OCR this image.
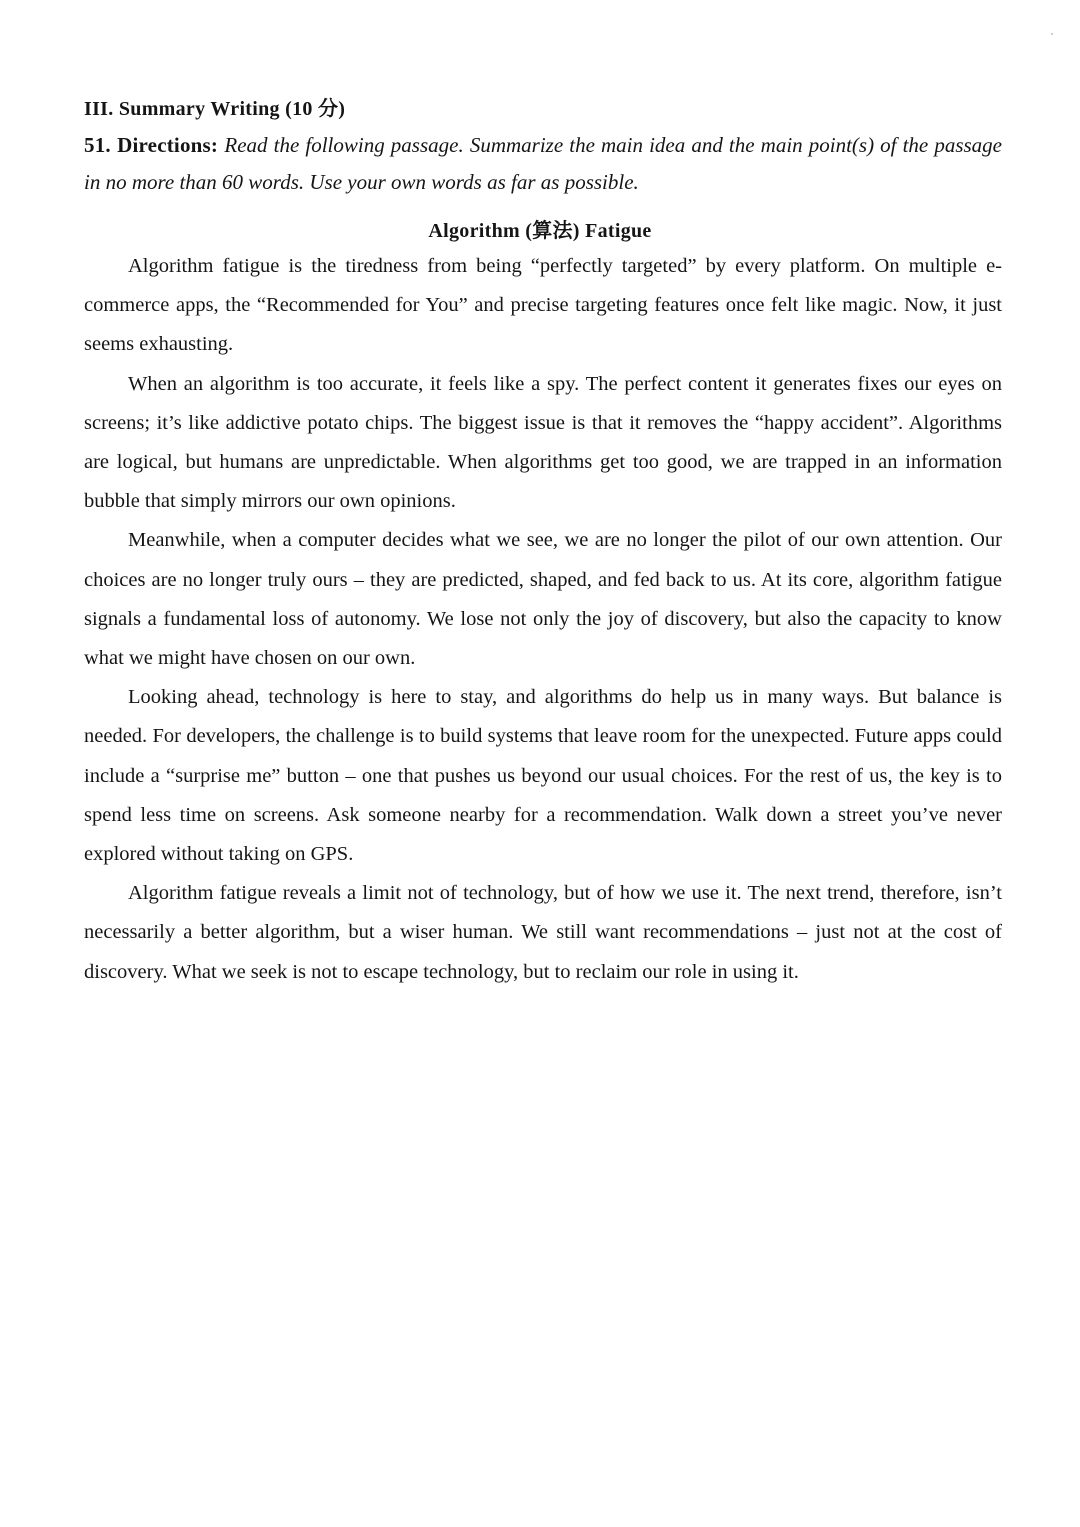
III. Summary Writing (10 分)
51. Directions: Read the following passage. Summarize the main idea and the main point(s) of the passage in no more than 60 words. Use your own words as far as possible.
Algorithm (算法) Fatigue

Algorithm fatigue is the tiredness from being “perfectly targeted” by every platform. On multiple e-commerce apps, the “Recommended for You” and precise targeting features once felt like magic. Now, it just seems exhausting.

When an algorithm is too accurate, it feels like a spy. The perfect content it generates fixes our eyes on screens; it’s like addictive potato chips. The biggest issue is that it removes the “happy accident”. Algorithms are logical, but humans are unpredictable. When algorithms get too good, we are trapped in an information bubble that simply mirrors our own opinions.

Meanwhile, when a computer decides what we see, we are no longer the pilot of our own attention. Our choices are no longer truly ours – they are predicted, shaped, and fed back to us. At its core, algorithm fatigue signals a fundamental loss of autonomy. We lose not only the joy of discovery, but also the capacity to know what we might have chosen on our own.

Looking ahead, technology is here to stay, and algorithms do help us in many ways. But balance is needed. For developers, the challenge is to build systems that leave room for the unexpected. Future apps could include a “surprise me” button – one that pushes us beyond our usual choices. For the rest of us, the key is to spend less time on screens. Ask someone nearby for a recommendation. Walk down a street you’ve never explored without taking on GPS.

Algorithm fatigue reveals a limit not of technology, but of how we use it. The next trend, therefore, isn’t necessarily a better algorithm, but a wiser human. We still want recommendations – just not at the cost of discovery. What we seek is not to escape technology, but to reclaim our role in using it.
